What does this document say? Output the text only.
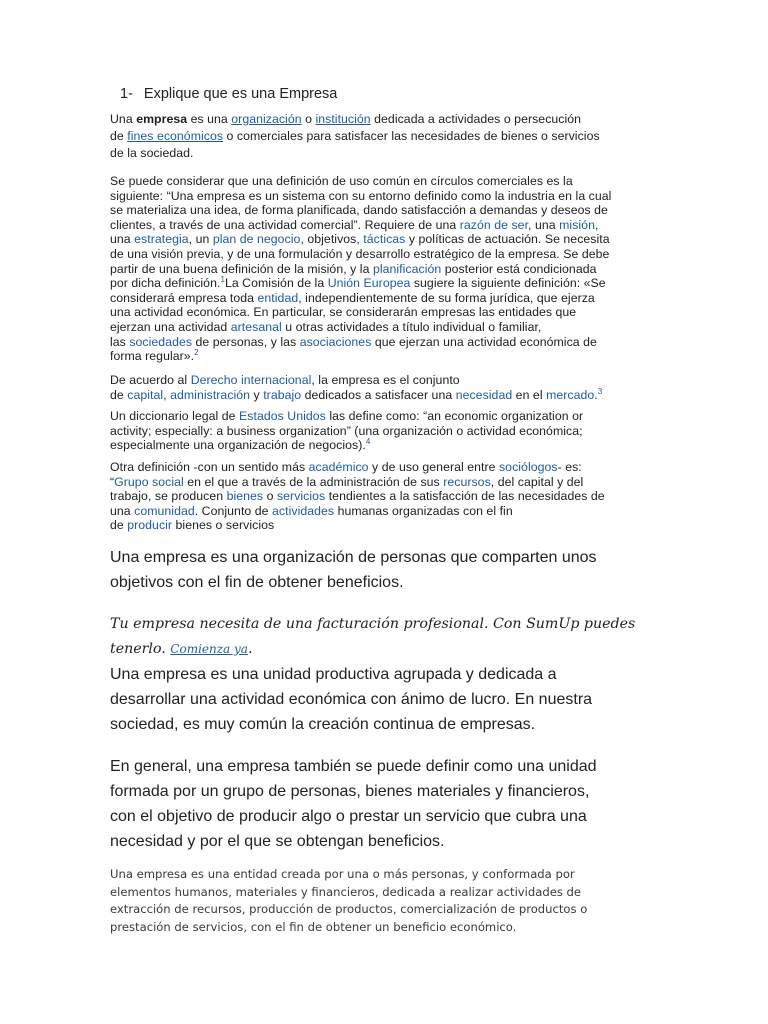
1- Explique que es una Empresa
Una empresa es una organización o institución dedicada a actividades o persecución
de fines económicos o comerciales para satisfacer las necesidades de bienes o servicios
de la sociedad.
Se puede considerar que una definición de uso común en círculos comerciales es la
siguiente: “Una empresa es un sistema con su entorno definido como la industria en la cual
se materializa una idea, de forma planificada, dando satisfacción a demandas y deseos de
clientes, a través de una actividad comercial”. Requiere de una razón de ser, una misión,
una estrategia, un plan de negocio, objetivos, tácticas y políticas de actuación. Se necesita
de una visión previa, y de una formulación y desarrollo estratégico de la empresa. Se debe
partir de una buena definición de la misión, y la planificación posterior está condicionada
por dicha definición.$^1$La Comisión de la Unión Europea sugiere la siguiente definición: «Se
considerará empresa toda entidad, independientemente de su forma jurídica, que ejerza
una actividad económica. En particular, se considerarán empresas las entidades que
ejerzan una actividad artesanal u otras actividades a título individual o familiar,
las sociedades de personas, y las asociaciones que ejerzan una actividad económica de
forma regular».$^2$
De acuerdo al Derecho internacional, la empresa es el conjunto
de capital, administración y trabajo dedicados a satisfacer una necesidad en el mercado.$^3$
Un diccionario legal de Estados Unidos las define como: “an economic organization or
activity; especially: a business organization” (una organización o actividad económica;
especialmente una organización de negocios).$^4$
Otra definición -con un sentido más académico y de uso general entre sociólogos- es:
“Grupo social en el que a través de la administración de sus recursos, del capital y del
trabajo, se producen bienes o servicios tendientes a la satisfacción de las necesidades de
una comunidad. Conjunto de actividades humanas organizadas con el fin
de producir bienes o servicios
Una empresa es una organización de personas que comparten unos
objetivos con el fin de obtener beneficios.
Tu empresa necesita de una facturación profesional. Con SumUp puedes
tenerlo. Comienza ya.
Una empresa es una unidad productiva agrupada y dedicada a
desarrollar una actividad económica con ánimo de lucro. En nuestra
sociedad, es muy común la creación continua de empresas.
En general, una empresa también se puede definir como una unidad
formada por un grupo de personas, bienes materiales y financieros,
con el objetivo de producir algo o prestar un servicio que cubra una
necesidad y por el que se obtengan beneficios.
Una empresa es una entidad creada por una o más personas, y conformada por
elementos humanos, materiales y financieros, dedicada a realizar actividades de
extracción de recursos, producción de productos, comercialización de productos o
prestación de servicios, con el fin de obtener un beneficio económico.
